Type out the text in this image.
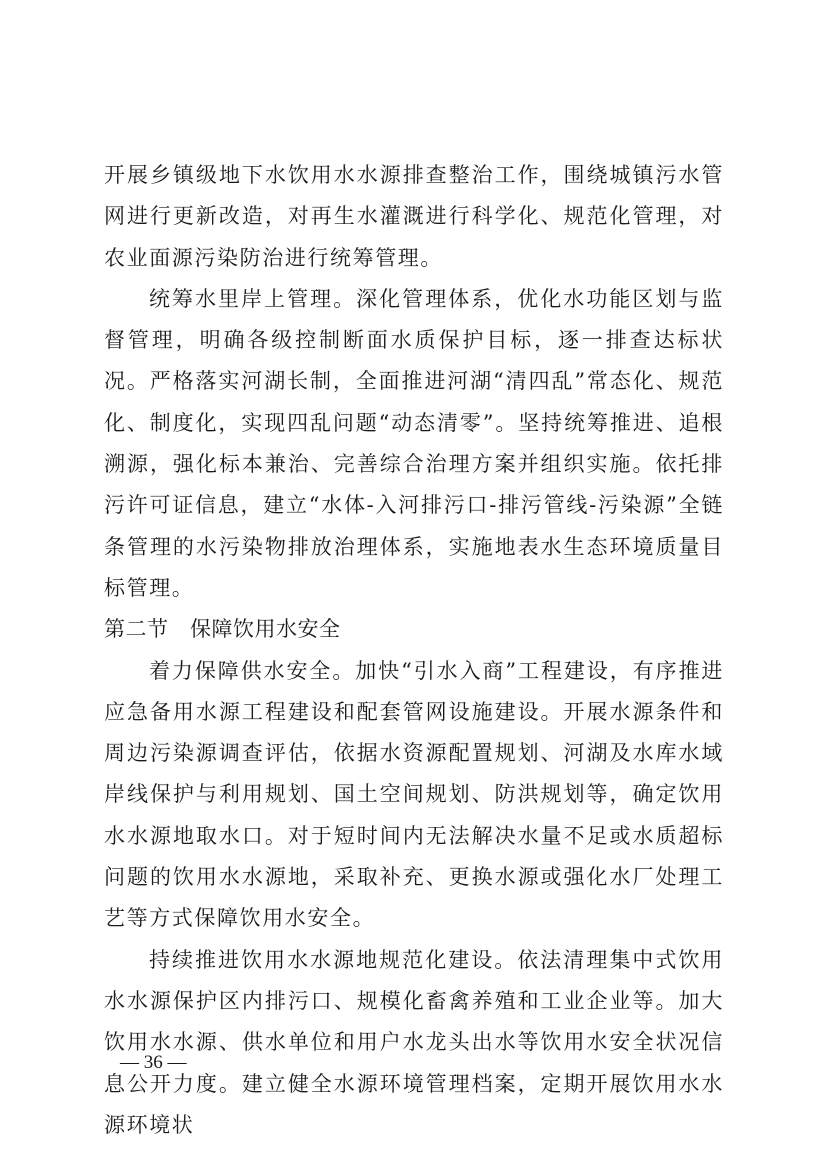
开展乡镇级地下水饮用水水源排查整治工作，围绕城镇污水管网进行更新改造，对再生水灌溉进行科学化、规范化管理，对农业面源污染防治进行统筹管理。

统筹水里岸上管理。深化管理体系，优化水功能区划与监督管理，明确各级控制断面水质保护目标，逐一排查达标状况。严格落实河湖长制，全面推进河湖“清四乱”常态化、规范化、制度化，实现四乱问题“动态清零”。坚持统筹推进、追根溯源，强化标本兼治、完善综合治理方案并组织实施。依托排污许可证信息，建立“水体-入河排污口-排污管线-污染源”全链条管理的水污染物排放治理体系，实施地表水生态环境质量目标管理。

第二节　保障饮用水安全

着力保障供水安全。加快“引水入商”工程建设，有序推进应急备用水源工程建设和配套管网设施建设。开展水源条件和周边污染源调查评估，依据水资源配置规划、河湖及水库水域岸线保护与利用规划、国土空间规划、防洪规划等，确定饮用水水源地取水口。对于短时间内无法解决水量不足或水质超标问题的饮用水水源地，采取补充、更换水源或强化水厂处理工艺等方式保障饮用水安全。

持续推进饮用水水源地规范化建设。依法清理集中式饮用水水源保护区内排污口、规模化畜禽养殖和工业企业等。加大饮用水水源、供水单位和用户水龙头出水等饮用水安全状况信息公开力度。建立健全水源环境管理档案，定期开展饮用水水源环境状

— 36 —
